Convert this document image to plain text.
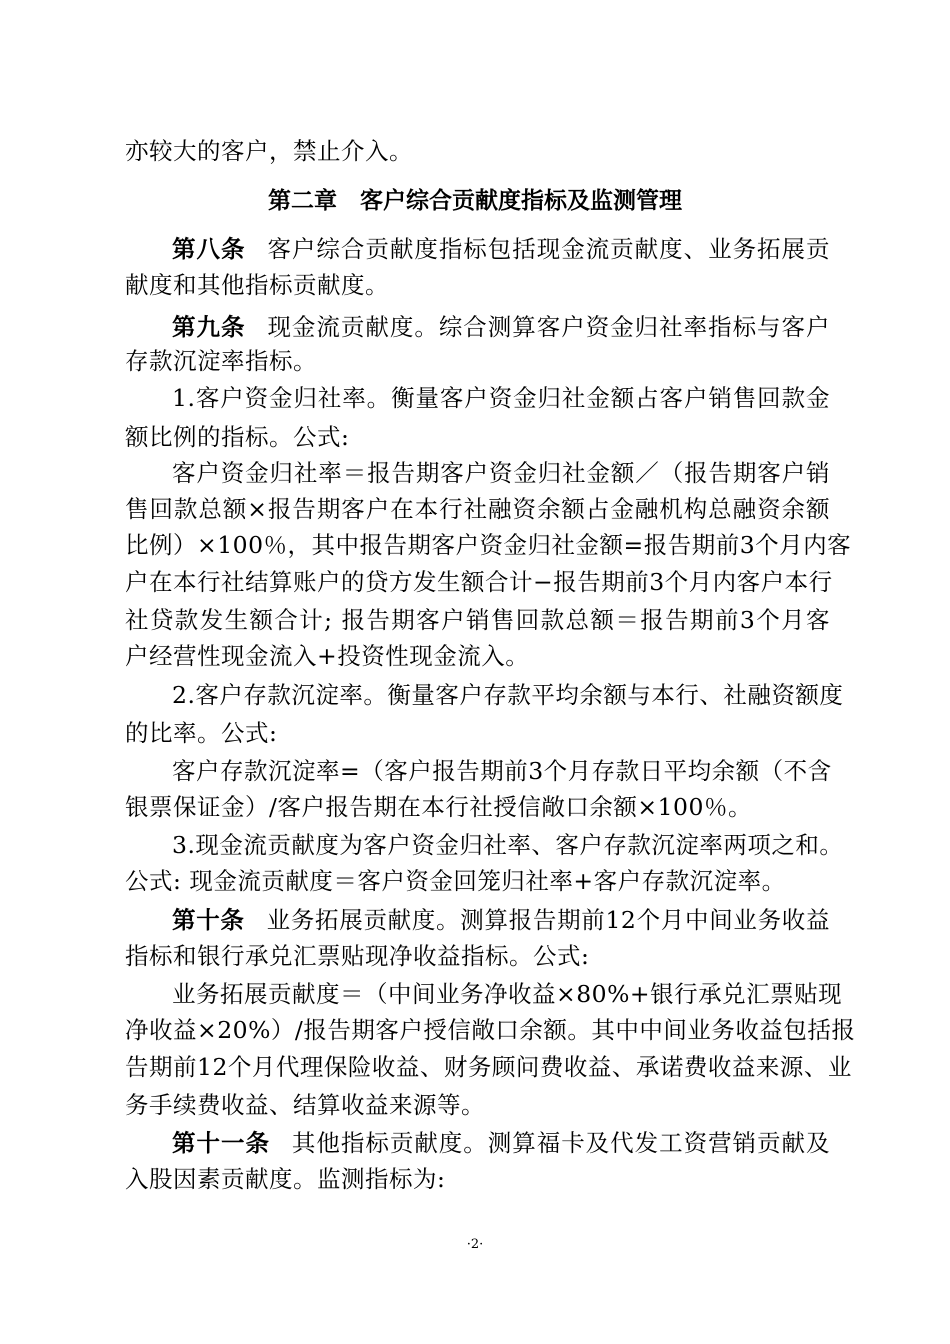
亦较大的客户，禁止介入。
第二章　客户综合贡献度指标及监测管理
第八条 客户综合贡献度指标包括现金流贡献度、业务拓展贡
献度和其他指标贡献度。
第九条 现金流贡献度。综合测算客户资金归社率指标与客户
存款沉淀率指标。
1.客户资金归社率。衡量客户资金归社金额占客户销售回款金
额比例的指标。公式:
客户资金归社率＝报告期客户资金归社金额／（报告期客户销
售回款总额×报告期客户在本行社融资余额占金融机构总融资余额
比例）×100％，其中报告期客户资金归社金额=报告期前3个月内客
户在本行社结算账户的贷方发生额合计−报告期前3个月内客户本行
社贷款发生额合计; 报告期客户销售回款总额＝报告期前3个月客
户经营性现金流入+投资性现金流入。
2.客户存款沉淀率。衡量客户存款平均余额与本行、社融资额度
的比率。公式:
客户存款沉淀率=（客户报告期前3个月存款日平均余额（不含
银票保证金）/客户报告期在本行社授信敞口余额×100％。
3.现金流贡献度为客户资金归社率、客户存款沉淀率两项之和。
公式: 现金流贡献度＝客户资金回笼归社率+客户存款沉淀率。
第十条 业务拓展贡献度。测算报告期前12个月中间业务收益
指标和银行承兑汇票贴现净收益指标。公式:
业务拓展贡献度＝（中间业务净收益×80%+银行承兑汇票贴现
净收益×20%）/报告期客户授信敞口余额。其中中间业务收益包括报
告期前12个月代理保险收益、财务顾问费收益、承诺费收益来源、业
务手续费收益、结算收益来源等。
第十一条 其他指标贡献度。测算福卡及代发工资营销贡献及
入股因素贡献度。监测指标为:
·2·
